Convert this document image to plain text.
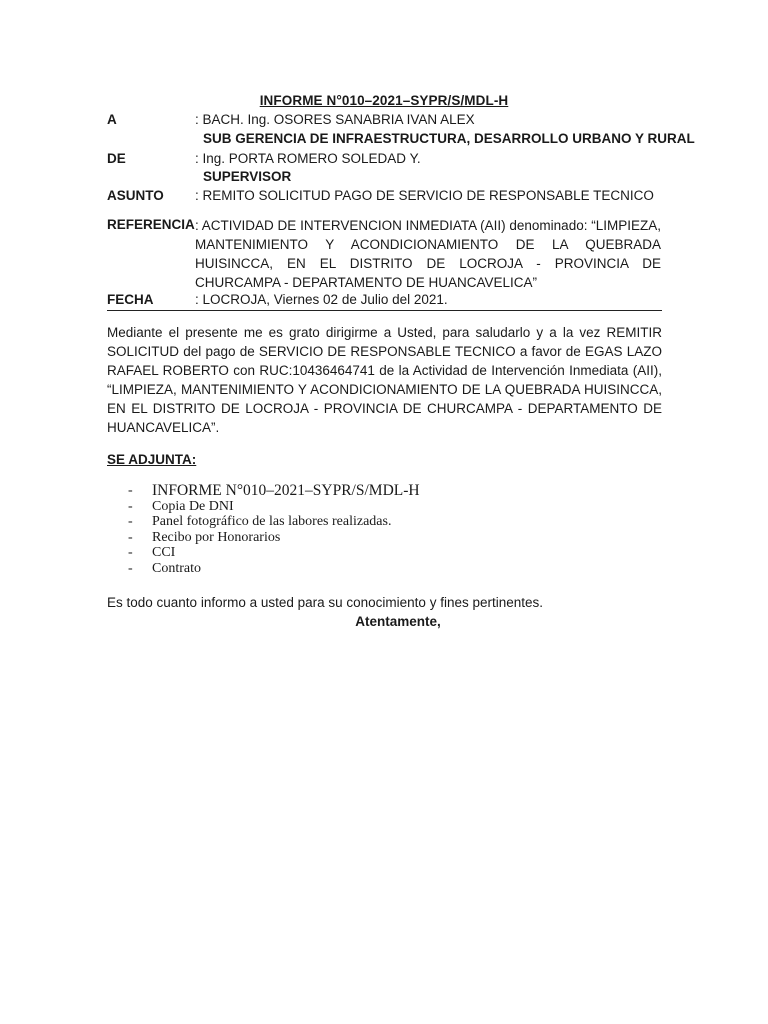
INFORME N°010–2021–SYPR/S/MDL-H
A	: BACH. Ing. OSORES SANABRIA IVAN ALEX
SUB GERENCIA DE INFRAESTRUCTURA, DESARROLLO URBANO Y RURAL
DE	: Ing. PORTA ROMERO SOLEDAD Y.
SUPERVISOR
ASUNTO : REMITO SOLICITUD PAGO DE SERVICIO DE RESPONSABLE TECNICO
REFERENCIA : ACTIVIDAD DE INTERVENCION INMEDIATA (AII) denominado: “LIMPIEZA, MANTENIMIENTO Y ACONDICIONAMIENTO DE LA QUEBRADA HUISINCCA, EN EL DISTRITO DE LOCROJA - PROVINCIA DE CHURCAMPA - DEPARTAMENTO DE HUANCAVELICA”
FECHA	: LOCROJA, Viernes 02 de Julio del 2021.
Mediante el presente me es grato dirigirme a Usted, para saludarlo y a la vez REMITIR SOLICITUD del pago de SERVICIO DE RESPONSABLE TECNICO a favor de EGAS LAZO RAFAEL ROBERTO con RUC:10436464741 de la Actividad de Intervención Inmediata (AII), “LIMPIEZA, MANTENIMIENTO Y ACONDICIONAMIENTO DE LA QUEBRADA HUISINCCA, EN EL DISTRITO DE LOCROJA - PROVINCIA DE CHURCAMPA - DEPARTAMENTO DE HUANCAVELICA”.
SE ADJUNTA:
- INFORME N°010–2021–SYPR/S/MDL-H
- Copia De DNI
- Panel fotográfico de las labores realizadas.
- Recibo por Honorarios
- CCI
- Contrato
Es todo cuanto informo a usted para su conocimiento y fines pertinentes.
Atentamente,
